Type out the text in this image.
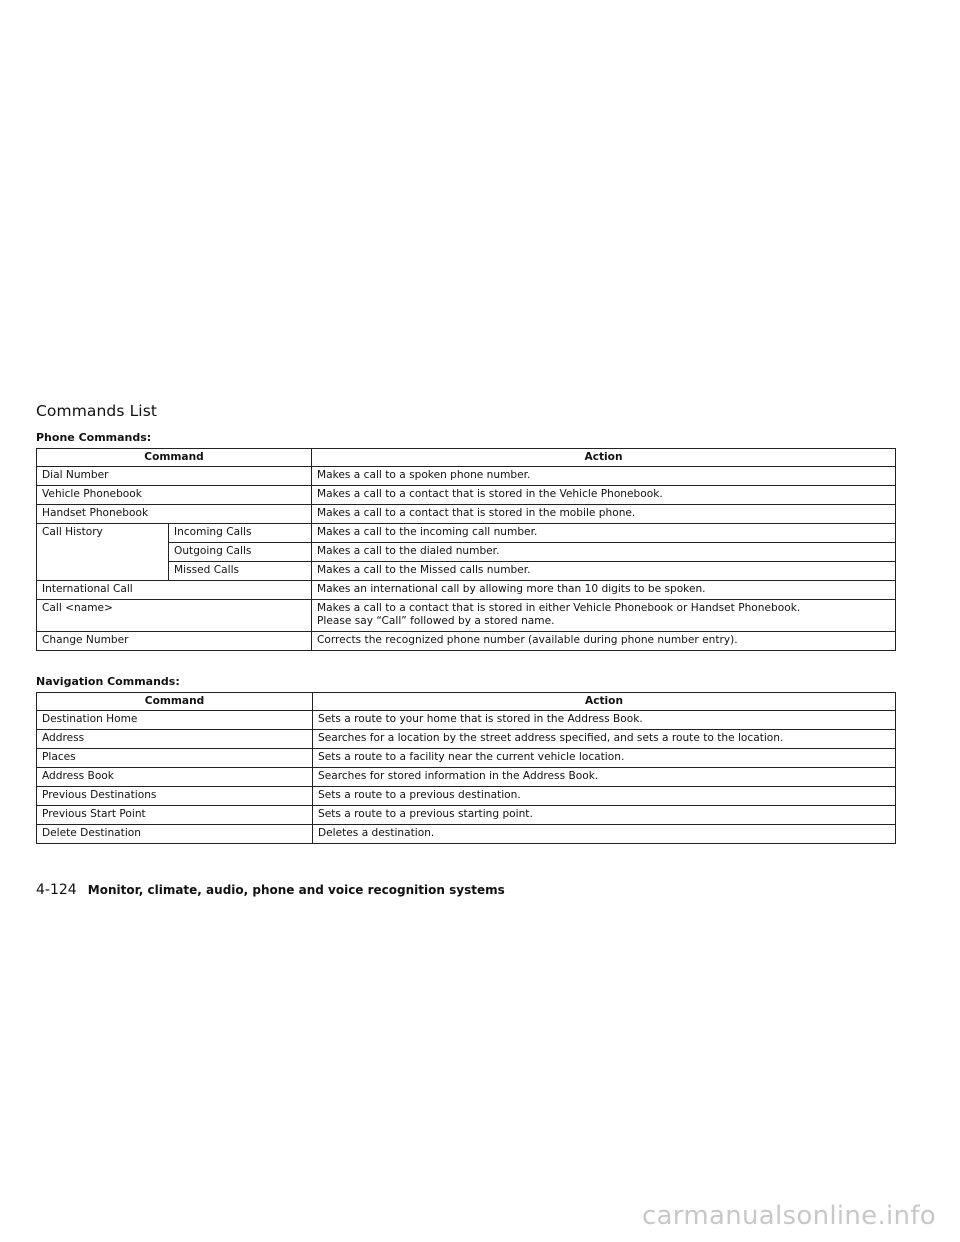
Commands List
Phone Commands:
Command		Action
Dial Number		Makes a call to a spoken phone number.
Vehicle Phonebook		Makes a call to a contact that is stored in the Vehicle Phonebook.
Handset Phonebook		Makes a call to a contact that is stored in the mobile phone.
Call History	Incoming Calls	Makes a call to the incoming call number.
	Outgoing Calls	Makes a call to the dialed number.
	Missed Calls	Makes a call to the Missed calls number.
International Call		Makes an international call by allowing more than 10 digits to be spoken.
Call <name>		Makes a call to a contact that is stored in either Vehicle Phonebook or Handset Phonebook.
Please say “Call” followed by a stored name.

Change Number		Corrects the recognized phone number (available during phone number entry).
Navigation Commands:
Command	Action
Destination Home	Sets a route to your home that is stored in the Address Book.
Address	Searches for a location by the street address specified, and sets a route to the location.
Places	Sets a route to a facility near the current vehicle location.
Address Book	Searches for stored information in the Address Book.
Previous Destinations	Sets a route to a previous destination.
Previous Start Point	Sets a route to a previous starting point.
Delete Destination	Deletes a destination.
4-124 Monitor, climate, audio, phone and voice recognition systems
carmanualsonline.info
